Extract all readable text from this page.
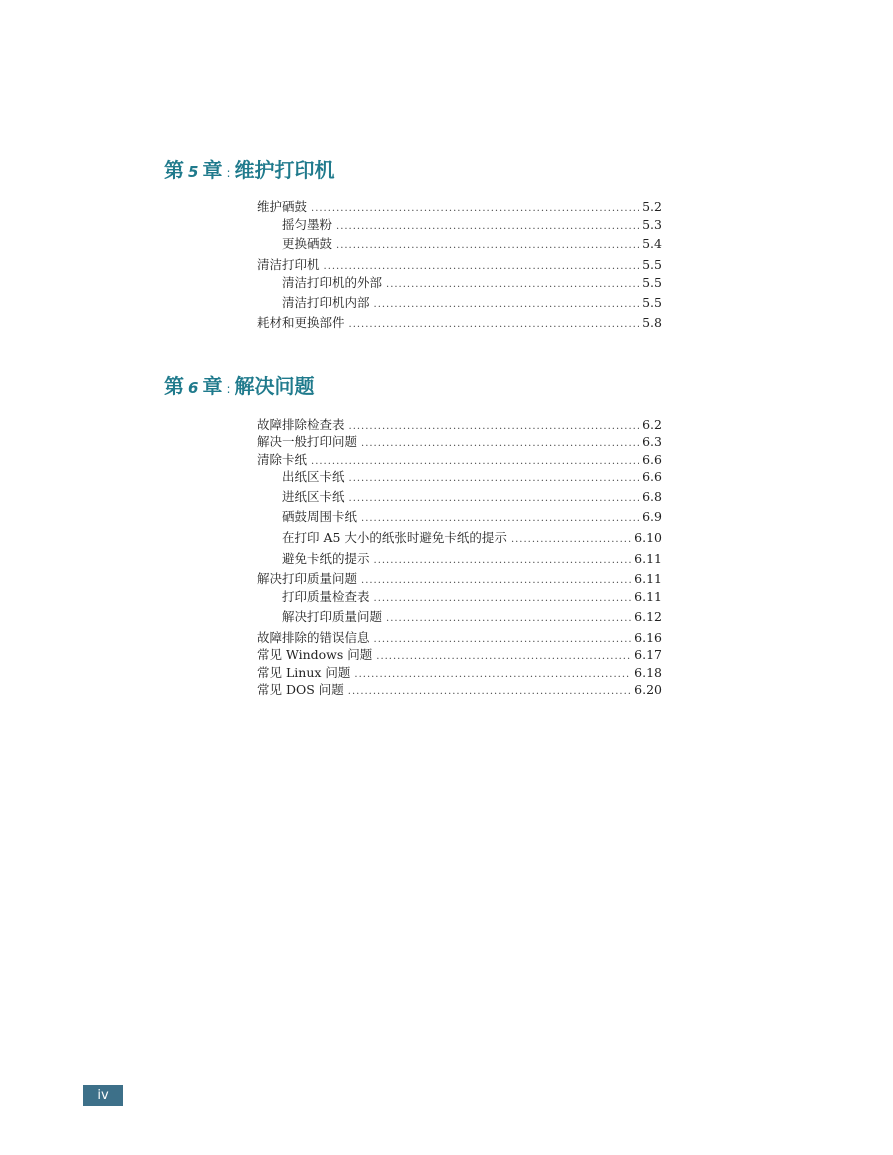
第 5 章 : 维护打印机
维护硒鼓 .....	5.2
摇匀墨粉 .....	5.3
更换硒鼓 .....	5.4
清洁打印机 .....	5.5
清洁打印机的外部 .....	5.5
清洁打印机内部 .....	5.5
耗材和更换部件 .....	5.8
第 6 章 : 解决问题
故障排除检查表 .....	6.2
解决一般打印问题 .....	6.3
清除卡纸 .....	6.6
出纸区卡纸 .....	6.6
进纸区卡纸 .....	6.8
硒鼓周围卡纸 .....	6.9
在打印 A5 大小的纸张时避免卡纸的提示 .....	6.10
避免卡纸的提示 .....	6.11
解决打印质量问题 .....	6.11
打印质量检查表 .....	6.11
解决打印质量问题 .....	6.12
故障排除的错误信息 .....	6.16
常见 Windows 问题 .....	6.17
常见 Linux 问题 .....	6.18
常见 DOS 问题 .....	6.20
iv
